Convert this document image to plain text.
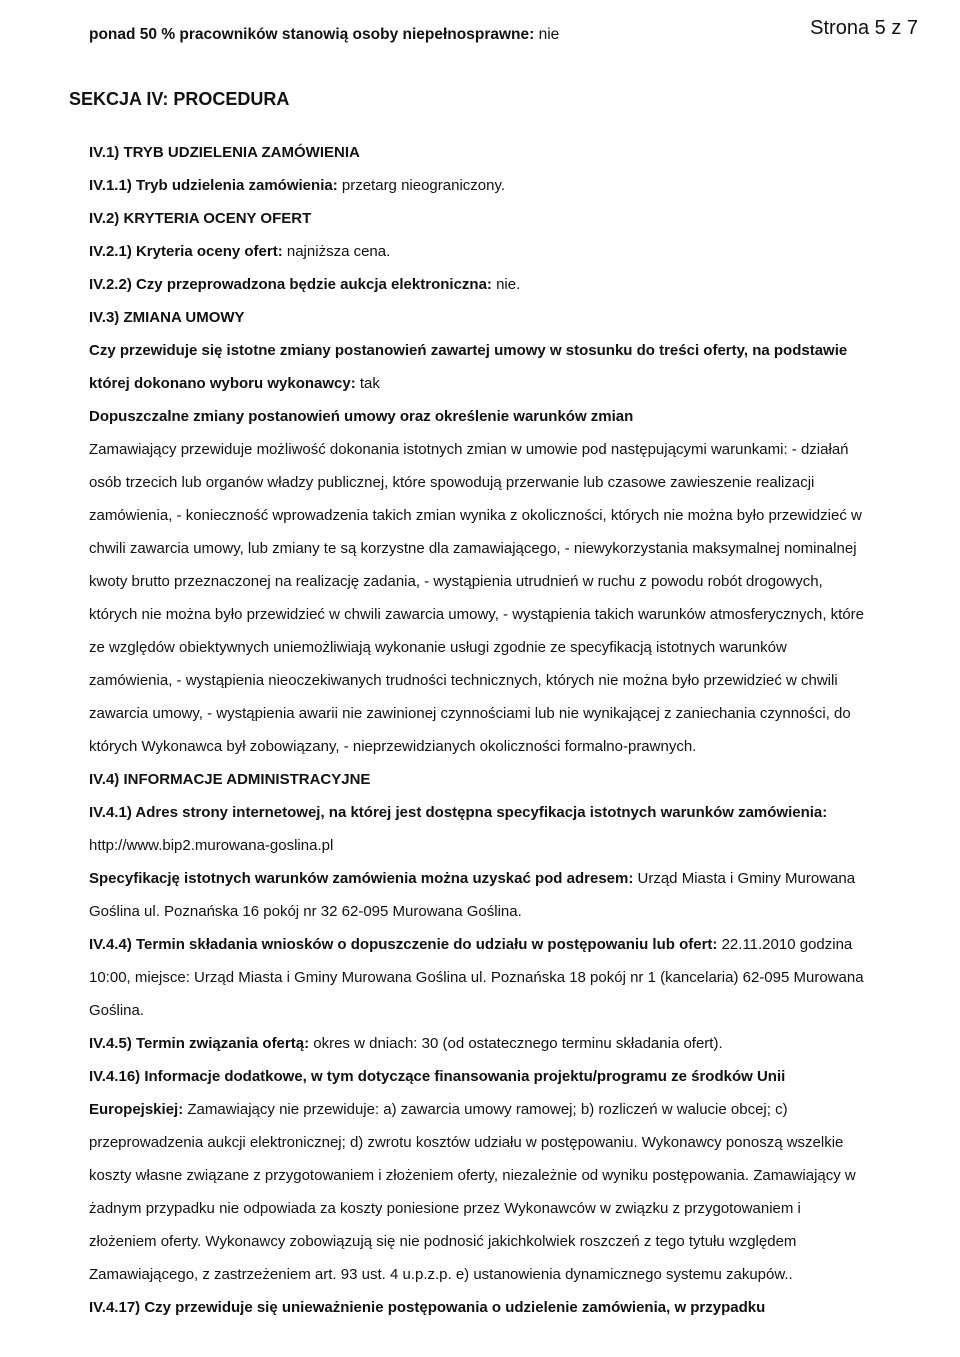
ponad 50 % pracowników stanowią osoby niepełnosprawne: nie	Strona 5 z 7
SEKCJA IV: PROCEDURA

IV.1) TRYB UDZIELENIA ZAMÓWIENIA

IV.1.1) Tryb udzielenia zamówienia: przetarg nieograniczony.

IV.2) KRYTERIA OCENY OFERT

IV.2.1) Kryteria oceny ofert: najniższa cena.

IV.2.2) Czy przeprowadzona będzie aukcja elektroniczna: nie.

IV.3) ZMIANA UMOWY

Czy przewiduje się istotne zmiany postanowień zawartej umowy w stosunku do treści oferty, na podstawie

której dokonano wyboru wykonawcy: tak

Dopuszczalne zmiany postanowień umowy oraz określenie warunków zmian

Zamawiający przewiduje możliwość dokonania istotnych zmian w umowie pod następującymi warunkami: - działań

osób trzecich lub organów władzy publicznej, które spowodują przerwanie lub czasowe zawieszenie realizacji

zamówienia, - konieczność wprowadzenia takich zmian wynika z okoliczności, których nie można było przewidzieć w

chwili zawarcia umowy, lub zmiany te są korzystne dla zamawiającego, - niewykorzystania maksymalnej nominalnej

kwoty brutto przeznaczonej na realizację zadania, - wystąpienia utrudnień w ruchu z powodu robót drogowych,

których nie można było przewidzieć w chwili zawarcia umowy, - wystąpienia takich warunków atmosferycznych, które

ze względów obiektywnych uniemożliwiają wykonanie usługi zgodnie ze specyfikacją istotnych warunków

zamówienia, - wystąpienia nieoczekiwanych trudności technicznych, których nie można było przewidzieć w chwili

zawarcia umowy, - wystąpienia awarii nie zawinionej czynnościami lub nie wynikającej z zaniechania czynności, do

których Wykonawca był zobowiązany, - nieprzewidzianych okoliczności formalno-prawnych.

IV.4) INFORMACJE ADMINISTRACYJNE

IV.4.1) Adres strony internetowej, na której jest dostępna specyfikacja istotnych warunków zamówienia:

http://www.bip2.murowana-goslina.pl

Specyfikację istotnych warunków zamówienia można uzyskać pod adresem: Urząd Miasta i Gminy Murowana

Goślina ul. Poznańska 16 pokój nr 32 62-095 Murowana Goślina.

IV.4.4) Termin składania wniosków o dopuszczenie do udziału w postępowaniu lub ofert: 22.11.2010 godzina

10:00, miejsce: Urząd Miasta i Gminy Murowana Goślina ul. Poznańska 18 pokój nr 1 (kancelaria) 62-095 Murowana

Goślina.

IV.4.5) Termin związania ofertą: okres w dniach: 30 (od ostatecznego terminu składania ofert).

IV.4.16) Informacje dodatkowe, w tym dotyczące finansowania projektu/programu ze środków Unii

Europejskiej: Zamawiający nie przewiduje: a) zawarcia umowy ramowej; b) rozliczeń w walucie obcej; c)

przeprowadzenia aukcji elektronicznej; d) zwrotu kosztów udziału w postępowaniu. Wykonawcy ponoszą wszelkie

koszty własne związane z przygotowaniem i złożeniem oferty, niezależnie od wyniku postępowania. Zamawiający w

żadnym przypadku nie odpowiada za koszty poniesione przez Wykonawców w związku z przygotowaniem i

złożeniem oferty. Wykonawcy zobowiązują się nie podnosić jakichkolwiek roszczeń z tego tytułu względem

Zamawiającego, z zastrzeżeniem art. 93 ust. 4 u.p.z.p. e) ustanowienia dynamicznego systemu zakupów..

IV.4.17) Czy przewiduje się unieważnienie postępowania o udzielenie zamówienia, w przypadku
